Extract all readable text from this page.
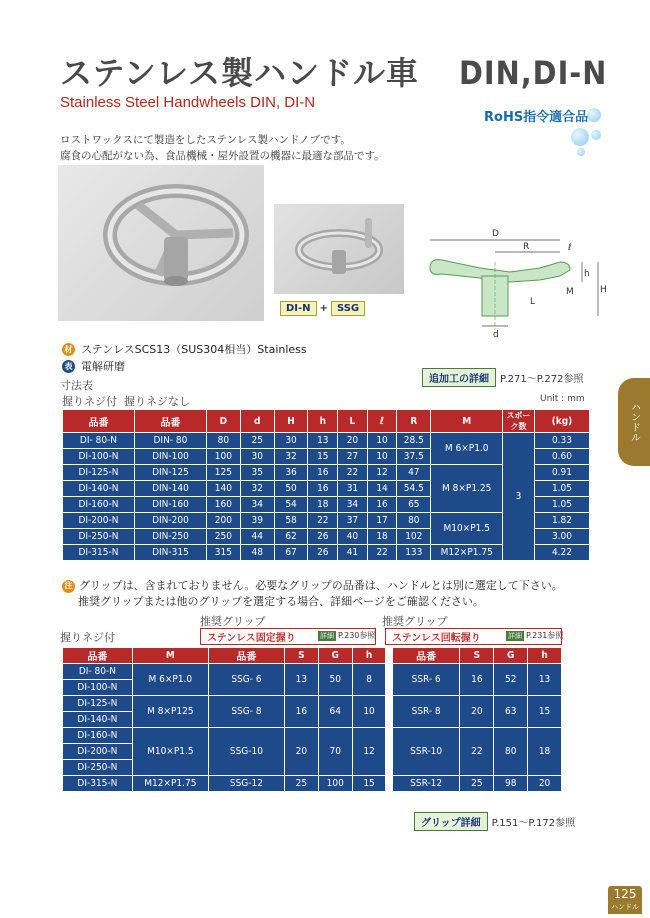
ステンレス製ハンドル車 DIN,DI-N
Stainless Steel Handwheels DIN, DI-N
RoHS指令適合品
ロストワックスにて製造をしたステンレス製ハンドノブです。
腐食の心配がない為、食品機械・屋外設置の機器に最適な部品です。
DI-N + SSG
D
R	ℓ
h
H
M
L
d
材 ステンレスSCS13（SUS304相当）Stainless
表 電解研磨
追加工の詳細	P.271～P.272参照
寸法表
握りネジ付 握りネジなし	Unit : mm
品番	品番	D	d	H	h	L	ℓ	R	M	スポーク数	(kg)
DI- 80-N	DIN- 80	80	25	30	13	20	10	28.5	M 6×P1.0	3	0.33
DI-100-N	DIN-100	100	30	32	15	27	10	37.5			0.60
DI-125-N	DIN-125	125	35	36	16	22	12	47	M 8×P1.25		0.91
DI-140-N	DIN-140	140	32	50	16	31	14	54.5			1.05
DI-160-N	DIN-160	160	34	54	18	34	16	65			1.05
DI-200-N	DIN-200	200	39	58	22	37	17	80	M10×P1.5		1.82
DI-250-N	DIN-250	250	44	62	26	40	18	102			3.00
DI-315-N	DIN-315	315	48	67	26	41	22	133	M12×P1.75		4.22
注 グリップは、含まれておりません。必要なグリップの品番は、ハンドルとは別に選定して下さい。
推奨グリップまたは他のグリップを選定する場合、詳細ページをご確認ください。
推奨グリップ	推奨グリップ
握りネジ付	ステンレス固定握り	詳細 P.230参照	ステンレス回転握り	詳細 P.231参照
品番	M	品番	S	G	h		品番	S	G	h
DI- 80-N	M 6×P1.0	SSG- 6	13	50	8		SSR- 6	16	52	13
DI-100-N										
DI-125-N	M 8×P125	SSG- 8	16	64	10		SSR- 8	20	63	15
DI-140-N										
DI-160-N	M10×P1.5	SSG-10	20	70	12		SSR-10	22	80	18
DI-200-N										
DI-250-N										
DI-315-N	M12×P1.75	SSG-12	25	100	15		SSR-12	25	98	20
グリップ詳細	P.151～P.172参照
ハンドル
125
ハンドル
